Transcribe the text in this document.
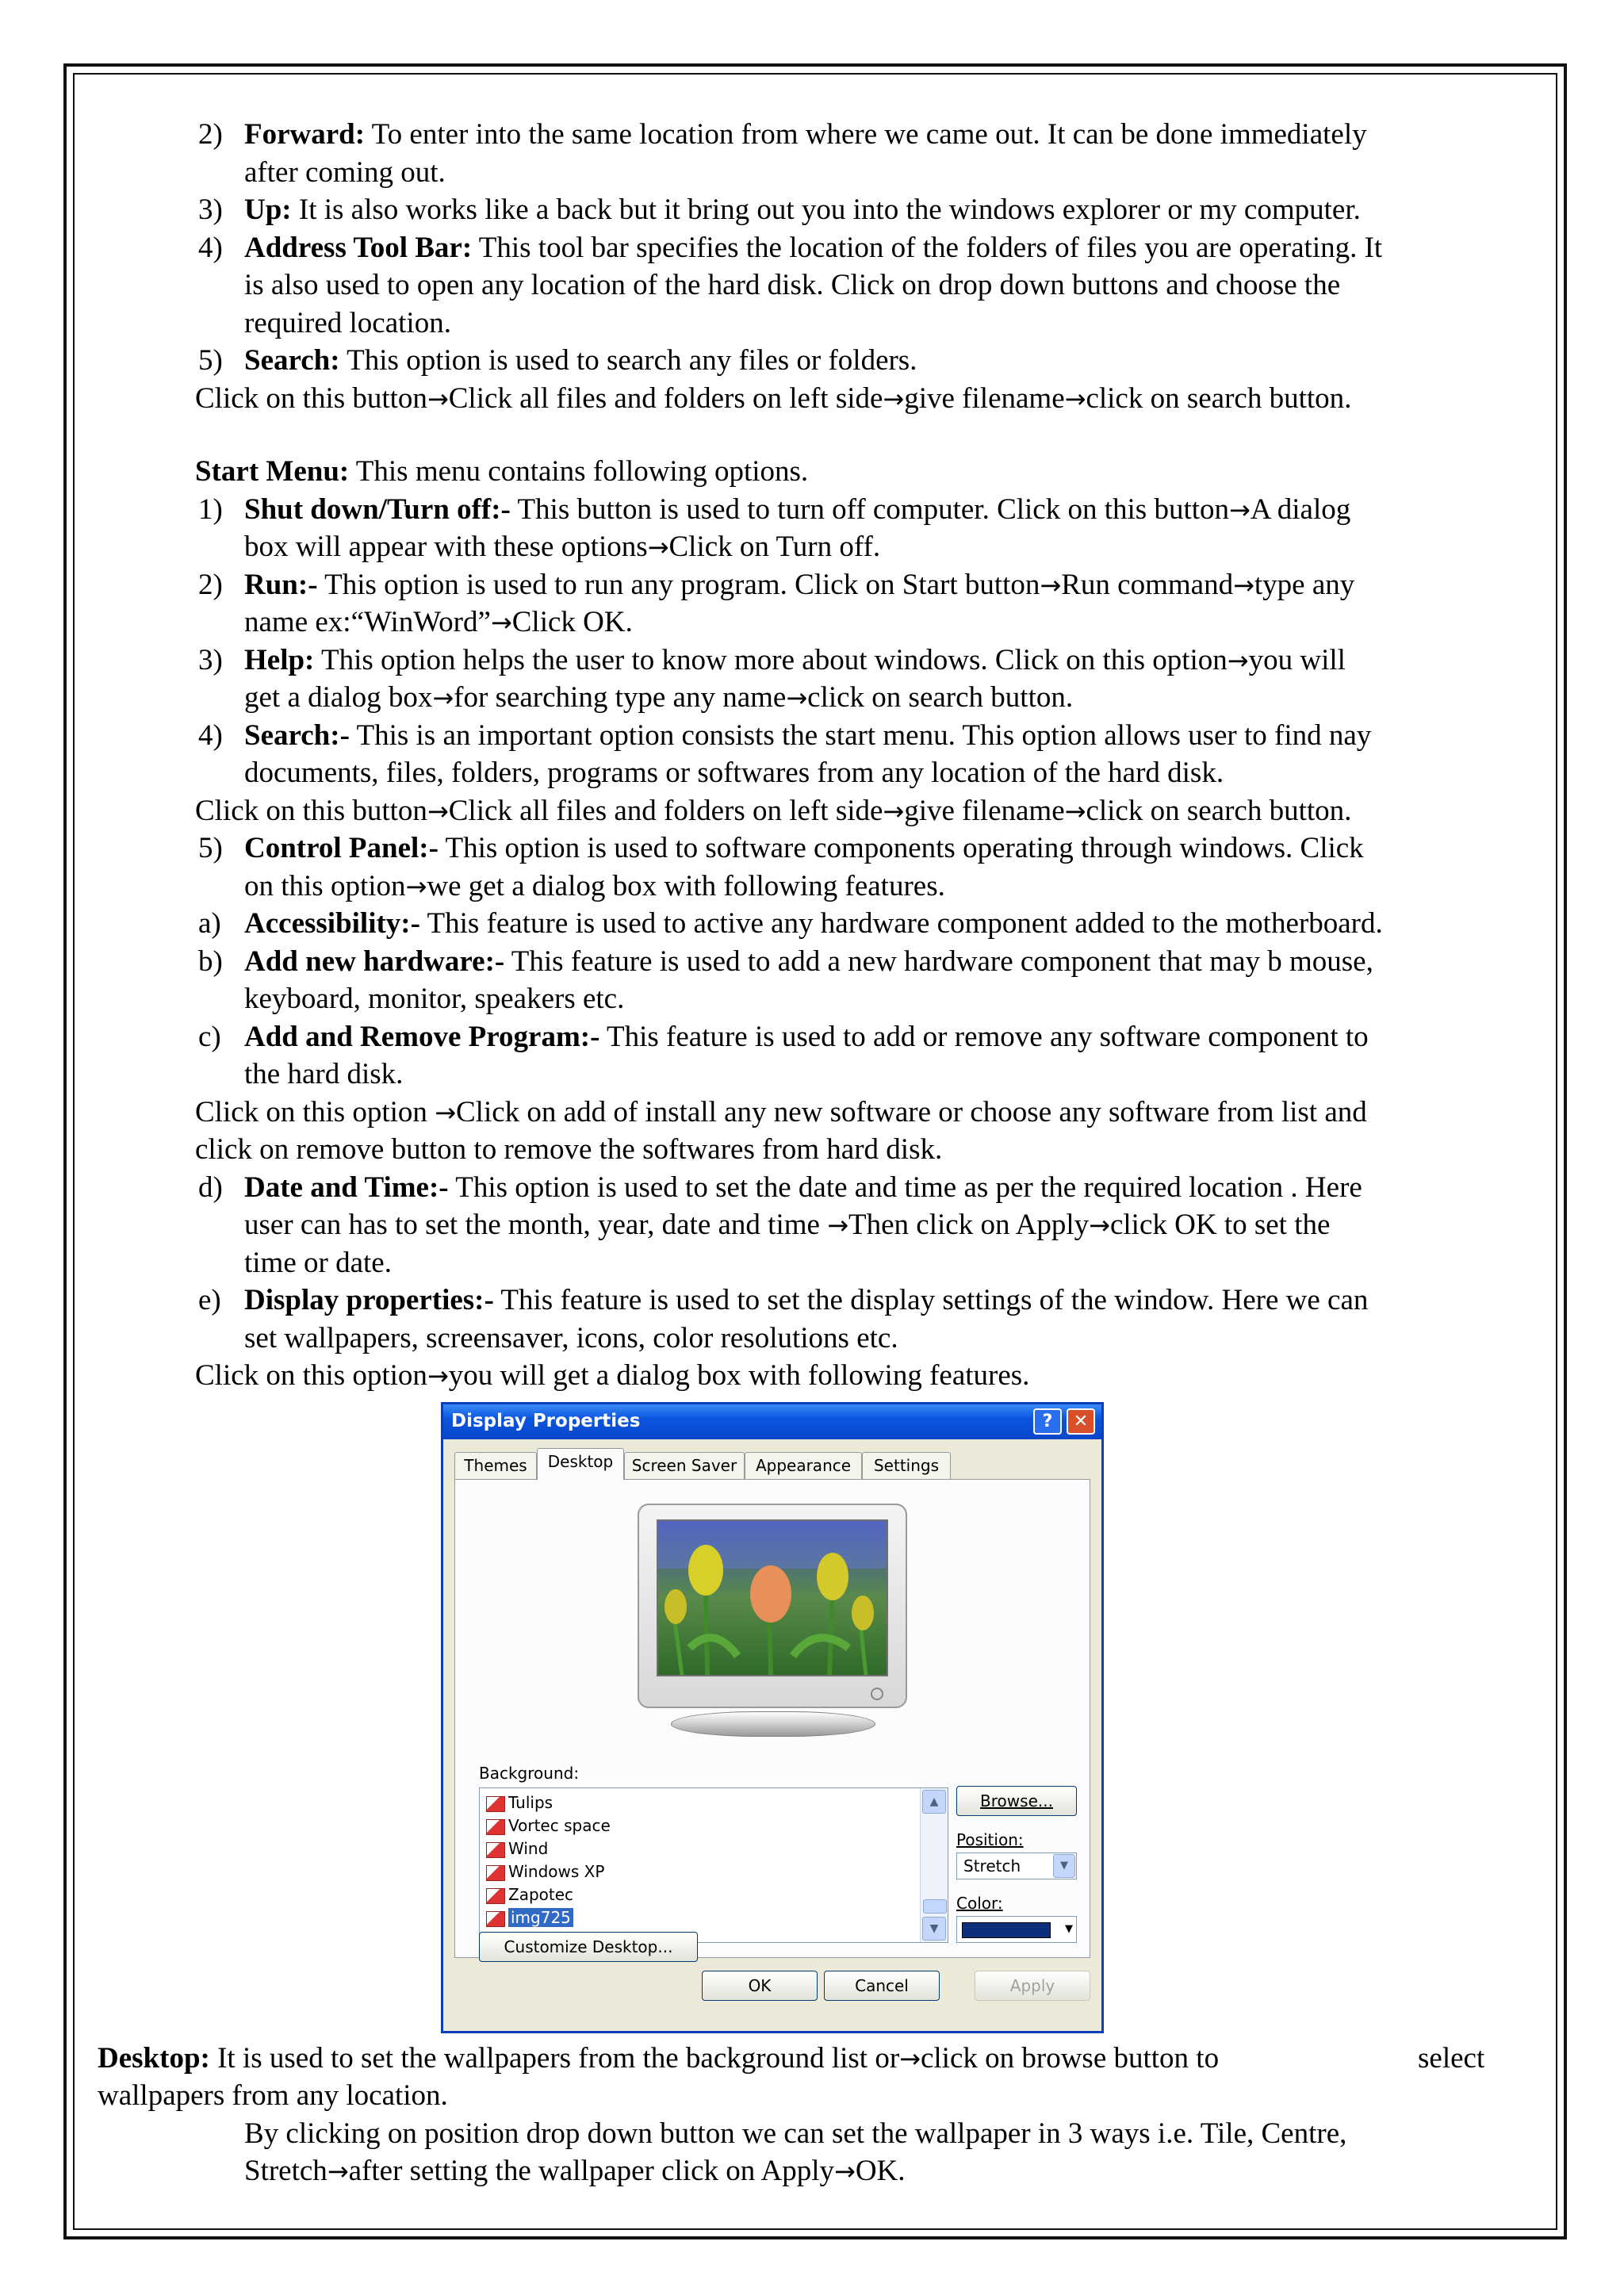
2) Forward: To enter into the same location from where we came out. It can be done immediately
after coming out.
3) Up: It is also works like a back but it bring out you into the windows explorer or my computer.
4) Address Tool Bar: This tool bar specifies the location of the folders of files you are operating. It
is also used to open any location of the hard disk. Click on drop down buttons and choose the
required location.
5) Search: This option is used to search any files or folders.
Click on this button→Click all files and folders on left side→give filename→click on search button.
Start Menu: This menu contains following options.
1) Shut down/Turn off:- This button is used to turn off computer. Click on this button→A dialog
box will appear with these options→Click on Turn off.
2) Run:- This option is used to run any program. Click on Start button→Run command→type any
name ex:“WinWord”→Click OK.
3) Help: This option helps the user to know more about windows. Click on this option→you will
get a dialog box→for searching type any name→click on search button.
4) Search:- This is an important option consists the start menu. This option allows user to find nay
documents, files, folders, programs or softwares from any location of the hard disk.
Click on this button→Click all files and folders on left side→give filename→click on search button.
5) Control Panel:- This option is used to software components operating through windows. Click
on this option→we get a dialog box with following features.
a) Accessibility:- This feature is used to active any hardware component added to the motherboard.
b) Add new hardware:- This feature is used to add a new hardware component that may b mouse,
keyboard, monitor, speakers etc.
c) Add and Remove Program:- This feature is used to add or remove any software component to
the hard disk.
Click on this option →Click on add of install any new software or choose any software from list and
click on remove button to remove the softwares from hard disk.
d) Date and Time:- This option is used to set the date and time as per the required location . Here
user can has to set the month, year, date and time →Then click on Apply→click OK to set the
time or date.
e) Display properties:- This feature is used to set the display settings of the window. Here we can
set wallpapers, screensaver, icons, color resolutions etc.
Click on this option→you will get a dialog box with following features.
Desktop: It is used to set the wallpapers from the background list or→click on browse button to	select
wallpapers from any location.
By clicking on position drop down button we can set the wallpaper in 3 ways i.e. Tile, Centre,
Stretch→after setting the wallpaper click on Apply→OK.
Display Properties	?	✕
Themes	Desktop	Screen Saver	Appearance	Settings
Background:
Tulips
Vortec space
Wind
Windows XP
Zapotec
img725
▲
▼
Browse...
Position:
Stretch	▼
Color:
▼
Customize Desktop...
OK	Cancel	Apply
